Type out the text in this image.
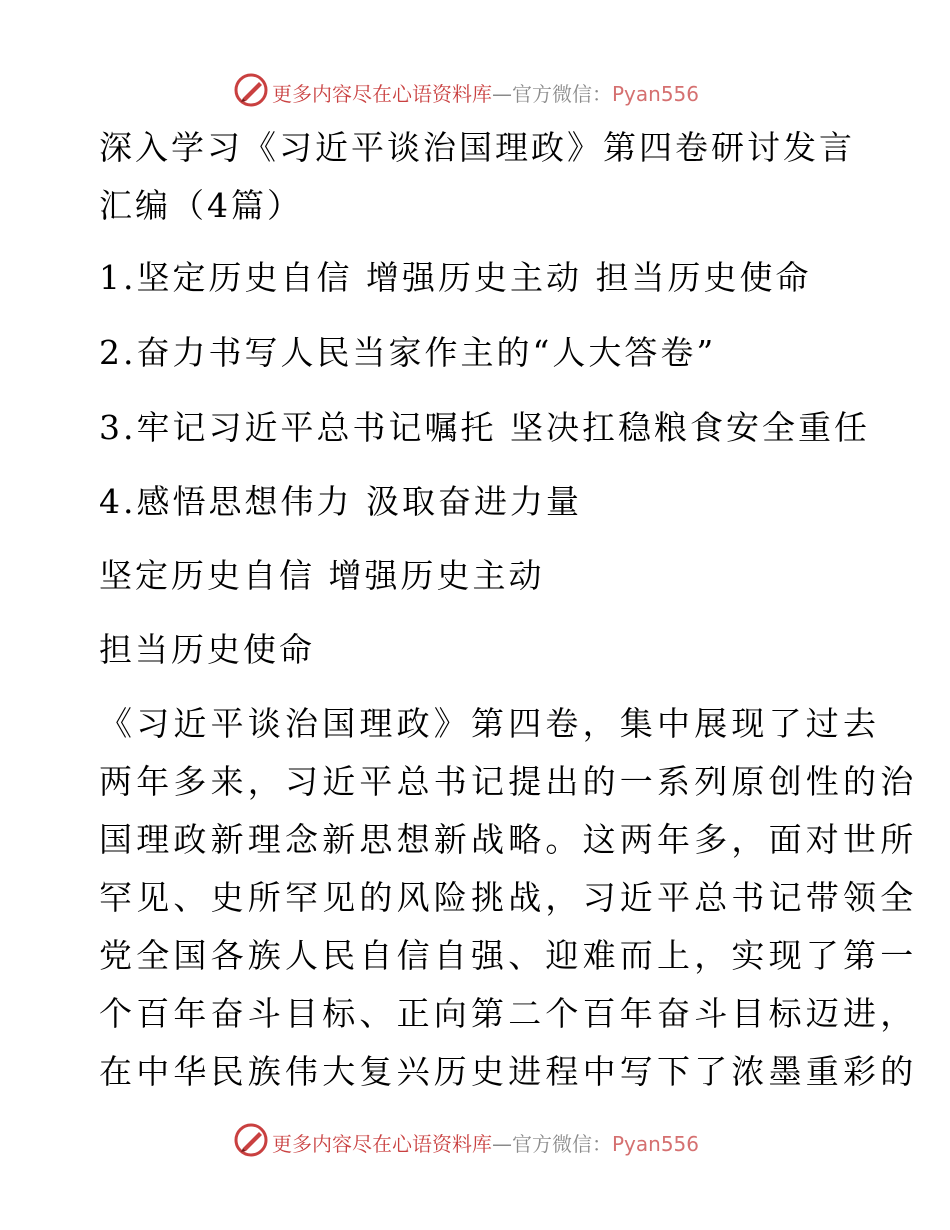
更多内容尽在心语资料库—官方微信：Pyan556
深入学习《习近平谈治国理政》第四卷研讨发言
汇编（4篇）
1.坚定历史自信 增强历史主动 担当历史使命
2.奋力书写人民当家作主的“人大答卷”
3.牢记习近平总书记嘱托 坚决扛稳粮食安全重任
4.感悟思想伟力 汲取奋进力量
坚定历史自信 增强历史主动
担当历史使命
《习近平谈治国理政》第四卷，集中展现了过去
两年多来，习近平总书记提出的一系列原创性的治
国理政新理念新思想新战略。这两年多，面对世所
罕见、史所罕见的风险挑战，习近平总书记带领全
党全国各族人民自信自强、迎难而上，实现了第一
个百年奋斗目标、正向第二个百年奋斗目标迈进，
在中华民族伟大复兴历史进程中写下了浓墨重彩的
更多内容尽在心语资料库—官方微信：Pyan556
